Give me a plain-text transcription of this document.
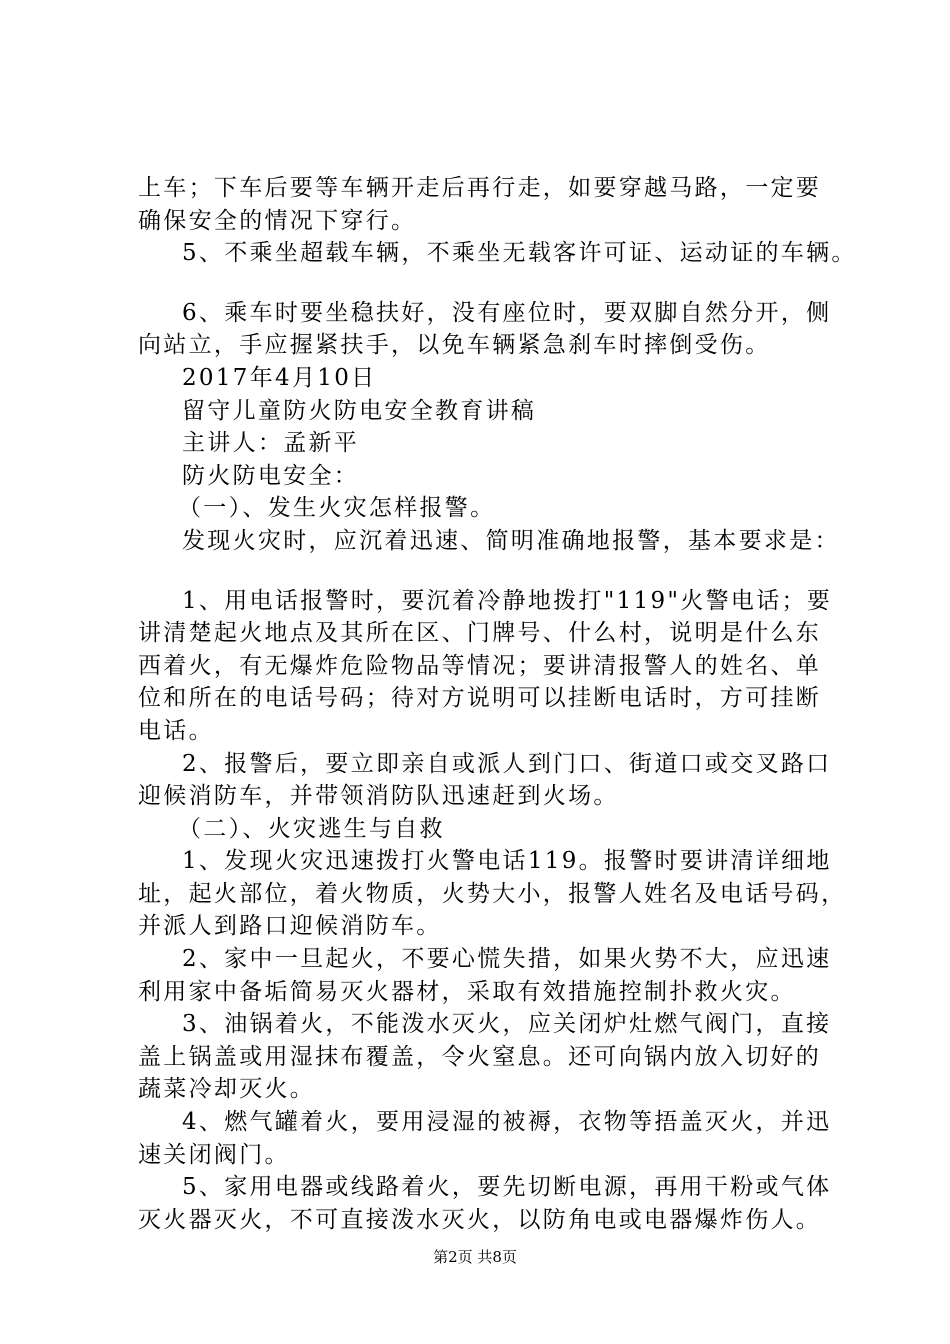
上车；下车后要等车辆开走后再行走，如要穿越马路，一定要
确保安全的情况下穿行。
5、不乘坐超载车辆，不乘坐无载客许可证、运动证的车辆。
6、乘车时要坐稳扶好，没有座位时，要双脚自然分开，侧
向站立，手应握紧扶手，以免车辆紧急刹车时摔倒受伤。
2017年4月10日
留守儿童防火防电安全教育讲稿
主讲人：孟新平
防火防电安全：
（一）、发生火灾怎样报警。
发现火灾时，应沉着迅速、简明准确地报警，基本要求是：
1、用电话报警时，要沉着冷静地拨打"119"火警电话；要
讲清楚起火地点及其所在区、门牌号、什么村，说明是什么东
西着火，有无爆炸危险物品等情况；要讲清报警人的姓名、单
位和所在的电话号码；待对方说明可以挂断电话时，方可挂断
电话。
2、报警后，要立即亲自或派人到门口、街道口或交叉路口
迎候消防车，并带领消防队迅速赶到火场。
（二）、火灾逃生与自救
1、发现火灾迅速拨打火警电话119。报警时要讲清详细地
址，起火部位，着火物质，火势大小，报警人姓名及电话号码，
并派人到路口迎候消防车。
2、家中一旦起火，不要心慌失措，如果火势不大，应迅速
利用家中备垢简易灭火器材，采取有效措施控制扑救火灾。
3、油锅着火，不能泼水灭火，应关闭炉灶燃气阀门，直接
盖上锅盖或用湿抹布覆盖，令火窒息。还可向锅内放入切好的
蔬菜冷却灭火。
4、燃气罐着火，要用浸湿的被褥，衣物等捂盖灭火，并迅
速关闭阀门。
5、家用电器或线路着火，要先切断电源，再用干粉或气体
灭火器灭火，不可直接泼水灭火，以防角电或电器爆炸伤人。
第2页 共8页
